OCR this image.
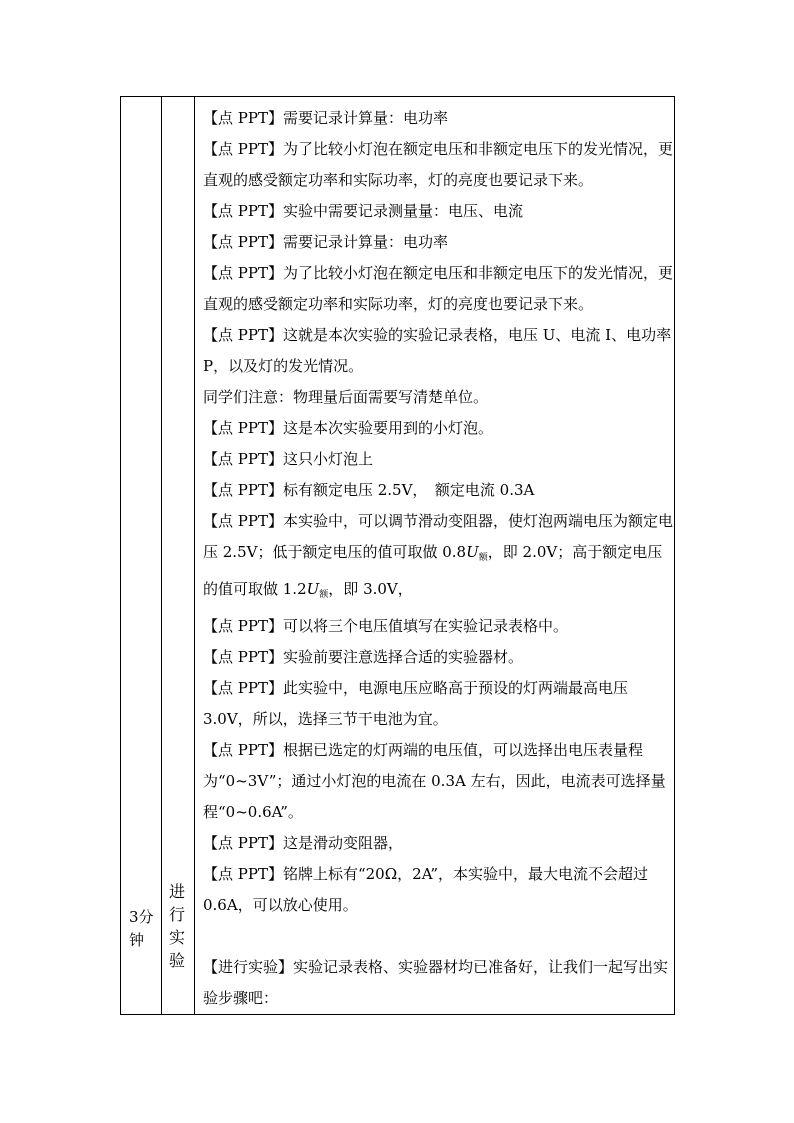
3分钟

进行实验

【点 PPT】需要记录计算量：电功率

【点 PPT】为了比较小灯泡在额定电压和非额定电压下的发光情况，更直观的感受额定功率和实际功率，灯的亮度也要记录下来。

【点 PPT】实验中需要记录测量量：电压、电流

【点 PPT】需要记录计算量：电功率

【点 PPT】为了比较小灯泡在额定电压和非额定电压下的发光情况，更直观的感受额定功率和实际功率，灯的亮度也要记录下来。

【点 PPT】这就是本次实验的实验记录表格，电压 U、电流 I、电功率 P，以及灯的发光情况。

同学们注意：物理量后面需要写清楚单位。

【点 PPT】这是本次实验要用到的小灯泡。

【点 PPT】这只小灯泡上

【点 PPT】标有额定电压 2.5V，　额定电流 0.3A

【点 PPT】本实验中，可以调节滑动变阻器，使灯泡两端电压为额定电压 2.5V；低于额定电压的值可取做 $0.8U_额$，即 2.0V；高于额定电压的值可取做 $1.2U_额$，即 3.0V，

【点 PPT】可以将三个电压值填写在实验记录表格中。

【点 PPT】实验前要注意选择合适的实验器材。

【点 PPT】此实验中，电源电压应略高于预设的灯两端最高电压 3.0V，所以，选择三节干电池为宜。

【点 PPT】根据已选定的灯两端的电压值，可以选择出电压表量程为“0~3V”；通过小灯泡的电流在 0.3A 左右，因此，电流表可选择量程“0~0.6A”。

【点 PPT】这是滑动变阻器，

【点 PPT】铭牌上标有“20Ω，2A”，本实验中，最大电流不会超过 0.6A，可以放心使用。

【进行实验】实验记录表格、实验器材均已准备好，让我们一起写出实验步骤吧：
